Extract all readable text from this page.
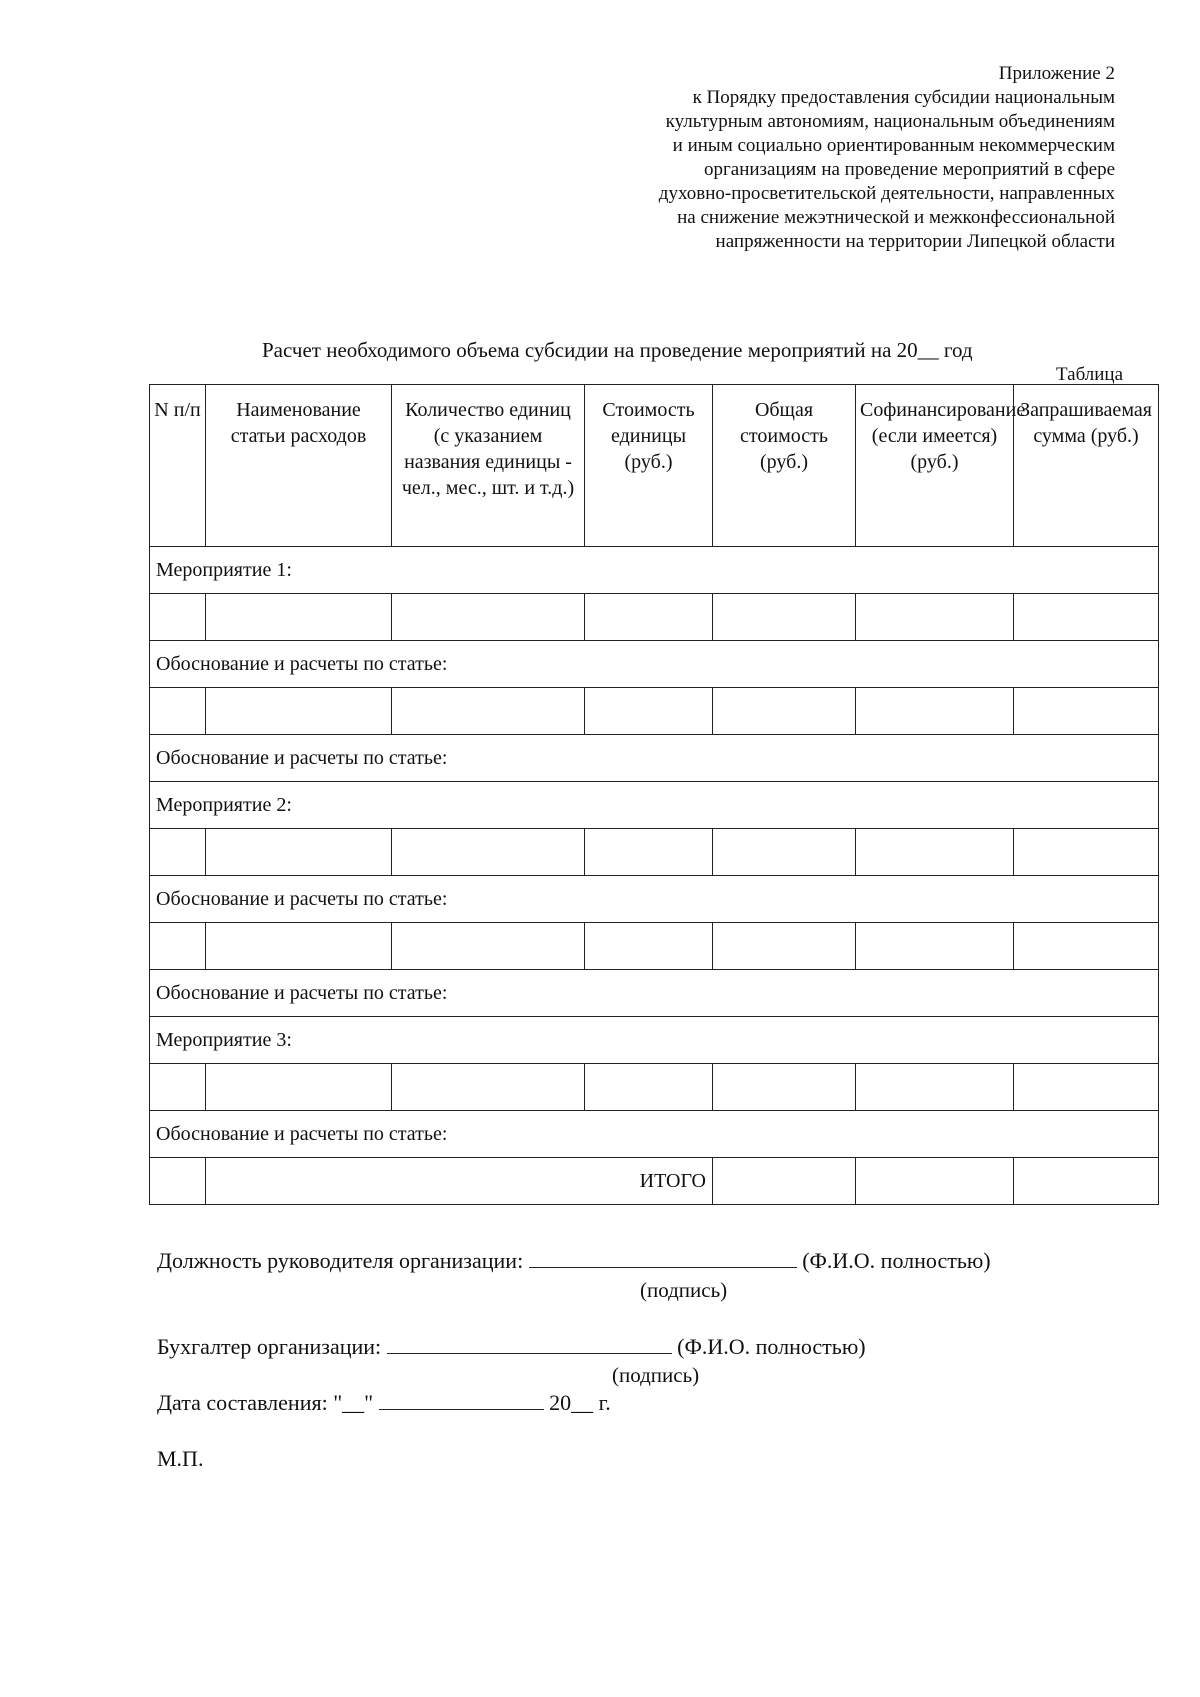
Приложение 2
к Порядку предоставления субсидии национальным
культурным автономиям, национальным объединениям
и иным социально ориентированным некоммерческим
организациям на проведение мероприятий в сфере
духовно-просветительской деятельности, направленных
на снижение межэтнической и межконфессиональной
напряженности на территории Липецкой области
Расчет необходимого объема субсидии на проведение мероприятий на 20__ год
Таблица
N п/п	Наименование статьи расходов	Количество единиц (с указанием названия единицы - чел., мес., шт. и т.д.)	Стоимость единицы (руб.)	Общая стоимость (руб.)	Софинансирование (если имеется) (руб.)	Запрашиваемая сумма (руб.)
Мероприятие 1:						

Обоснование и расчеты по статье:						

Обоснование и расчеты по статье:						
Мероприятие 2:						

Обоснование и расчеты по статье:						

Обоснование и расчеты по статье:						
Мероприятие 3:						

Обоснование и расчеты по статье:						
	ИТОГО					
Должность руководителя организации:	(Ф.И.О. полностью)
(подпись)
Бухгалтер организации:	(Ф.И.О. полностью)
(подпись)
Дата составления: "__"	20__ г.
М.П.
